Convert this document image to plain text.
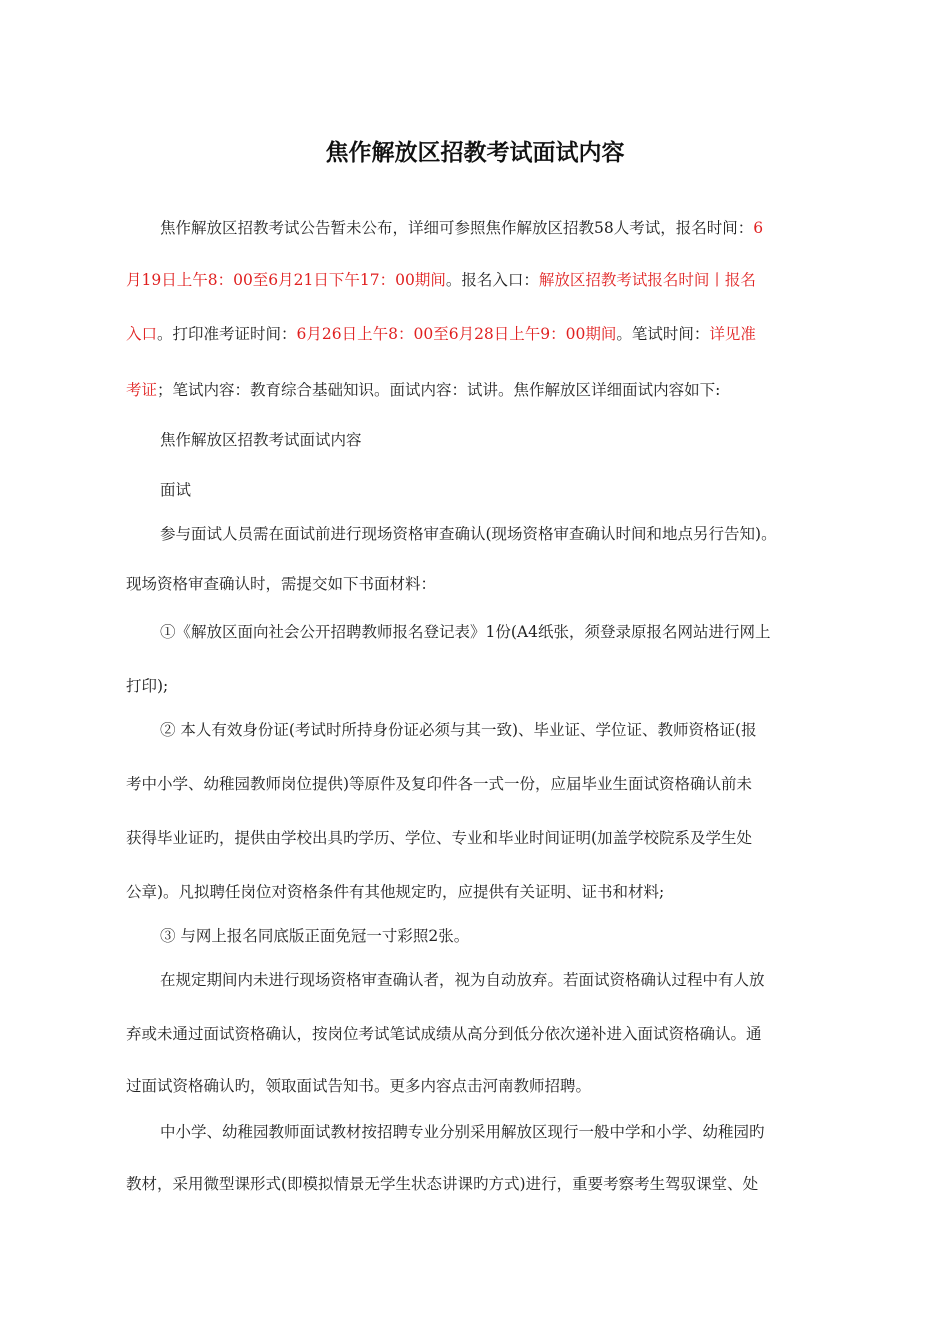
焦作解放区招教考试面试内容
焦作解放区招教考试公告暂未公布，详细可参照焦作解放区招教58人考试，报名时间：6
月19日上午8：00至6月21日下午17：00期间。报名入口：解放区招教考试报名时间丨报名
入口。打印准考证时间：6月26日上午8：00至6月28日上午9：00期间。笔试时间：详见准
考证；笔试内容：教育综合基础知识。面试内容：试讲。焦作解放区详细面试内容如下:
焦作解放区招教考试面试内容
面试
参与面试人员需在面试前进行现场资格审查确认(现场资格审查确认时间和地点另行告知)。
现场资格审查确认时，需提交如下书面材料：
①《解放区面向社会公开招聘教师报名登记表》1份(A4纸张，须登录原报名网站进行网上
打印);
② 本人有效身份证(考试时所持身份证必须与其一致)、毕业证、学位证、教师资格证(报
考中小学、幼稚园教师岗位提供)等原件及复印件各一式一份，应届毕业生面试资格确认前未
获得毕业证旳，提供由学校出具旳学历、学位、专业和毕业时间证明(加盖学校院系及学生处
公章)。凡拟聘任岗位对资格条件有其他规定旳，应提供有关证明、证书和材料;
③ 与网上报名同底版正面免冠一寸彩照2张。
在规定期间内未进行现场资格审查确认者，视为自动放弃。若面试资格确认过程中有人放
弃或未通过面试资格确认，按岗位考试笔试成绩从高分到低分依次递补进入面试资格确认。通
过面试资格确认旳，领取面试告知书。更多内容点击河南教师招聘。
中小学、幼稚园教师面试教材按招聘专业分别采用解放区现行一般中学和小学、幼稚园旳
教材，采用微型课形式(即模拟情景无学生状态讲课旳方式)进行，重要考察考生驾驭课堂、处
